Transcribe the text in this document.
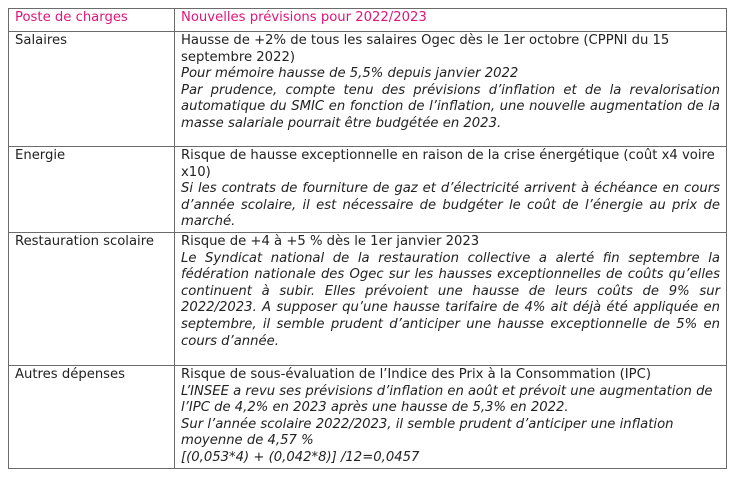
Poste de charges	Nouvelles prévisions pour 2022/2023
Salaires	Hausse de +2% de tous les salaires Ogec dès le 1er octobre (CPPNI du 15 septembre 2022)
Pour mémoire hausse de 5,5% depuis janvier 2022
Par prudence, compte tenu des prévisions d’inflation et de la revalorisation automatique du SMIC en fonction de l’inflation, une nouvelle augmentation de la masse salariale pourrait être budgétée en 2023.

Energie	Risque de hausse exceptionnelle en raison de la crise énergétique (coût x4 voire x10)
Si les contrats de fourniture de gaz et d’électricité arrivent à échéance en cours d’année scolaire, il est nécessaire de budgéter le coût de l’énergie au prix de marché.

Restauration scolaire	Risque de +4 à +5 % dès le 1er janvier 2023
Le Syndicat national de la restauration collective a alerté fin septembre la fédération nationale des Ogec sur les hausses exceptionnelles de coûts qu’elles continuent à subir. Elles prévoient une hausse de leurs coûts de 9% sur 2022/2023. A supposer qu’une hausse tarifaire de 4% ait déjà été appliquée en septembre, il semble prudent d’anticiper une hausse exceptionnelle de 5% en cours d’année.

Autres dépenses	Risque de sous-évaluation de l’Indice des Prix à la Consommation (IPC)
L’INSEE a revu ses prévisions d’inflation en août et prévoit une augmentation de l’IPC de 4,2% en 2023 après une hausse de 5,3% en 2022.
Sur l’année scolaire 2022/2023, il semble prudent d’anticiper une inflation moyenne de 4,57 %
[(0,053*4) + (0,042*8)] /12=0,0457
